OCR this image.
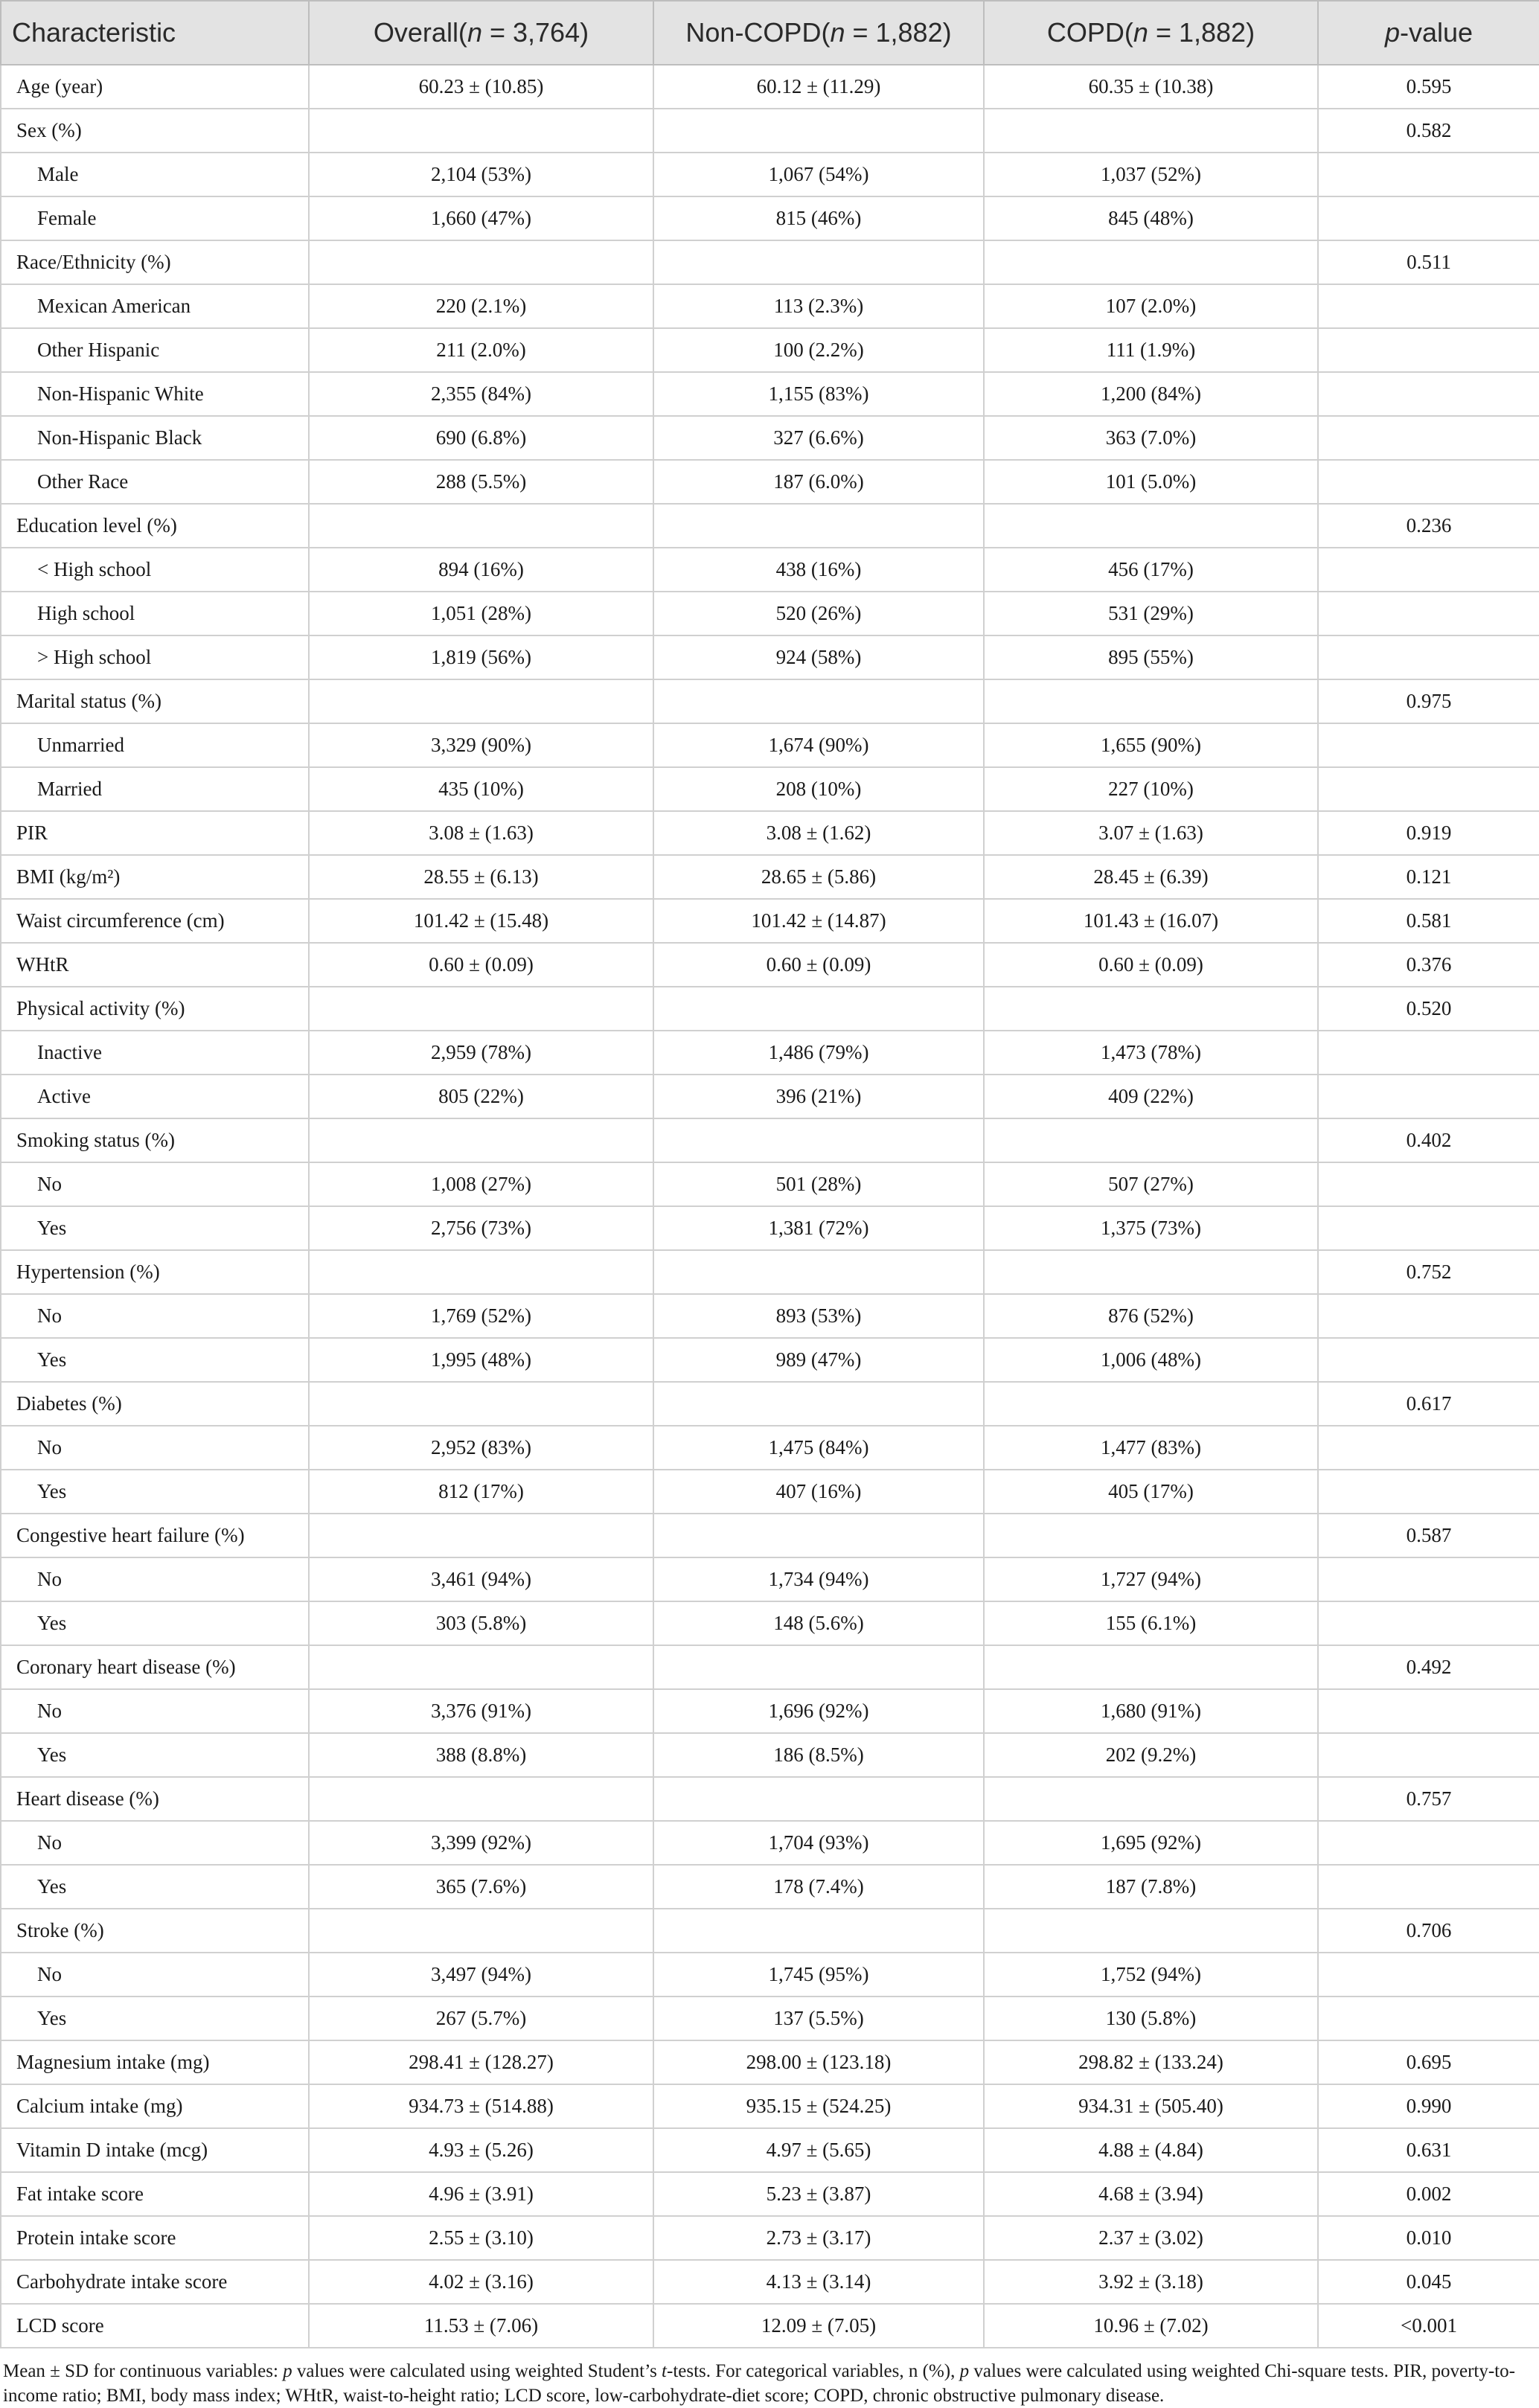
Characteristic	Overall(n = 3,764)	Non-COPD(n = 1,882)	COPD(n = 1,882)	p-value
Age (year)	60.23 ± (10.85)	60.12 ± (11.29)	60.35 ± (10.38)	0.595
Sex (%)				0.582
Male	2,104 (53%)	1,067 (54%)	1,037 (52%)	
Female	1,660 (47%)	815 (46%)	845 (48%)	
Race/Ethnicity (%)				0.511
Mexican American	220 (2.1%)	113 (2.3%)	107 (2.0%)	
Other Hispanic	211 (2.0%)	100 (2.2%)	111 (1.9%)	
Non-Hispanic White	2,355 (84%)	1,155 (83%)	1,200 (84%)	
Non-Hispanic Black	690 (6.8%)	327 (6.6%)	363 (7.0%)	
Other Race	288 (5.5%)	187 (6.0%)	101 (5.0%)	
Education level (%)				0.236
< High school	894 (16%)	438 (16%)	456 (17%)	
High school	1,051 (28%)	520 (26%)	531 (29%)	
> High school	1,819 (56%)	924 (58%)	895 (55%)	
Marital status (%)				0.975
Unmarried	3,329 (90%)	1,674 (90%)	1,655 (90%)	
Married	435 (10%)	208 (10%)	227 (10%)	
PIR	3.08 ± (1.63)	3.08 ± (1.62)	3.07 ± (1.63)	0.919
BMI (kg/m²)	28.55 ± (6.13)	28.65 ± (5.86)	28.45 ± (6.39)	0.121
Waist circumference (cm)	101.42 ± (15.48)	101.42 ± (14.87)	101.43 ± (16.07)	0.581
WHtR	0.60 ± (0.09)	0.60 ± (0.09)	0.60 ± (0.09)	0.376
Physical activity (%)				0.520
Inactive	2,959 (78%)	1,486 (79%)	1,473 (78%)	
Active	805 (22%)	396 (21%)	409 (22%)	
Smoking status (%)				0.402
No	1,008 (27%)	501 (28%)	507 (27%)	
Yes	2,756 (73%)	1,381 (72%)	1,375 (73%)	
Hypertension (%)				0.752
No	1,769 (52%)	893 (53%)	876 (52%)	
Yes	1,995 (48%)	989 (47%)	1,006 (48%)	
Diabetes (%)				0.617
No	2,952 (83%)	1,475 (84%)	1,477 (83%)	
Yes	812 (17%)	407 (16%)	405 (17%)	
Congestive heart failure (%)				0.587
No	3,461 (94%)	1,734 (94%)	1,727 (94%)	
Yes	303 (5.8%)	148 (5.6%)	155 (6.1%)	
Coronary heart disease (%)				0.492
No	3,376 (91%)	1,696 (92%)	1,680 (91%)	
Yes	388 (8.8%)	186 (8.5%)	202 (9.2%)	
Heart disease (%)				0.757
No	3,399 (92%)	1,704 (93%)	1,695 (92%)	
Yes	365 (7.6%)	178 (7.4%)	187 (7.8%)	
Stroke (%)				0.706
No	3,497 (94%)	1,745 (95%)	1,752 (94%)	
Yes	267 (5.7%)	137 (5.5%)	130 (5.8%)	
Magnesium intake (mg)	298.41 ± (128.27)	298.00 ± (123.18)	298.82 ± (133.24)	0.695
Calcium intake (mg)	934.73 ± (514.88)	935.15 ± (524.25)	934.31 ± (505.40)	0.990
Vitamin D intake (mcg)	4.93 ± (5.26)	4.97 ± (5.65)	4.88 ± (4.84)	0.631
Fat intake score	4.96 ± (3.91)	5.23 ± (3.87)	4.68 ± (3.94)	0.002
Protein intake score	2.55 ± (3.10)	2.73 ± (3.17)	2.37 ± (3.02)	0.010
Carbohydrate intake score	4.02 ± (3.16)	4.13 ± (3.14)	3.92 ± (3.18)	0.045
LCD score	11.53 ± (7.06)	12.09 ± (7.05)	10.96 ± (7.02)	<0.001
Mean ± SD for continuous variables: p values were calculated using weighted Student’s t-tests. For categorical variables, n (%), p values were calculated using weighted Chi-square tests. PIR, poverty-to-income ratio; BMI, body mass index; WHtR, waist-to-height ratio; LCD score, low-carbohydrate-diet score; COPD, chronic obstructive pulmonary disease.
